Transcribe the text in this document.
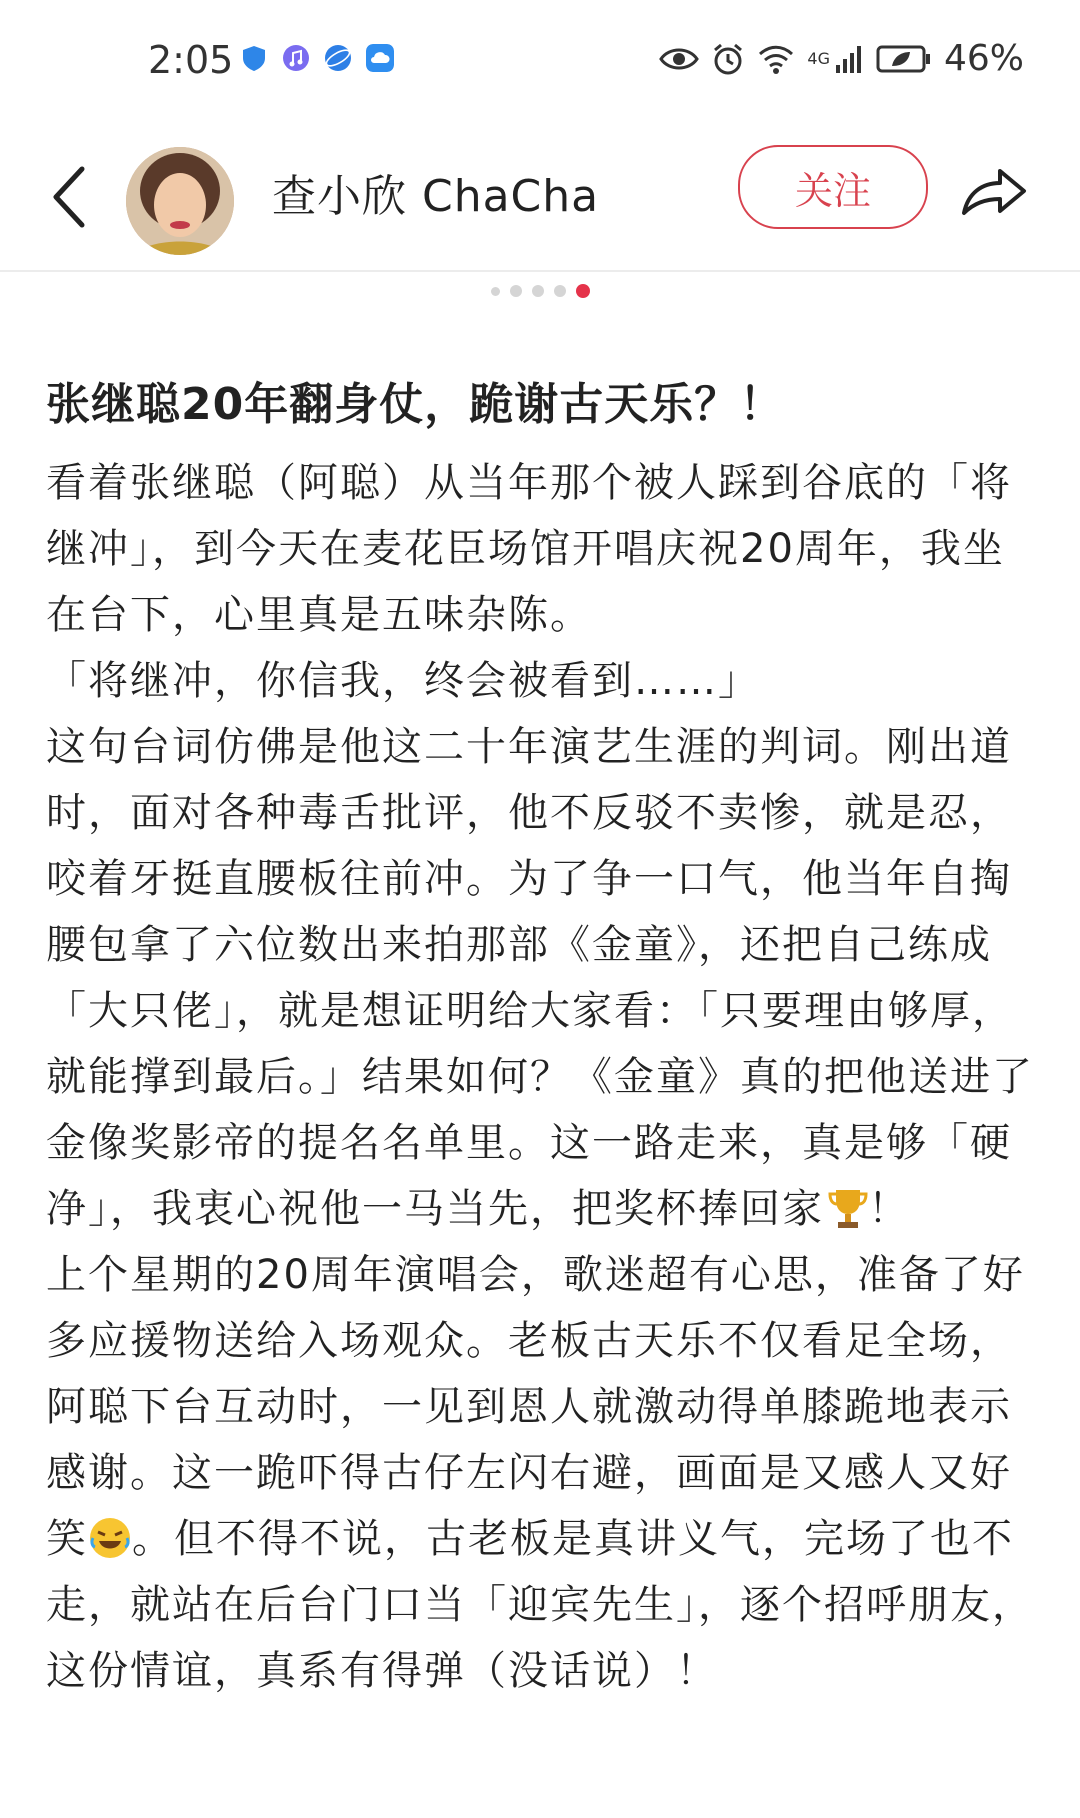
2:05	4G	46%
查小欣 ChaCha	关注
张继聪20年翻身仗，跪谢古天乐？！

看着张继聪（阿聪）从当年那个被人踩到谷底的「将继冲」，到今天在麦花臣场馆开唱庆祝20周年，我坐在台下，心里真是五味杂陈。

「将继冲，你信我，终会被看到……」

这句台词仿佛是他这二十年演艺生涯的判词。刚出道时，面对各种毒舌批评，他不反驳不卖惨，就是忍，咬着牙挺直腰板往前冲。为了争一口气，他当年自掏腰包拿了六位数出来拍那部《金童》，还把自己练成「大只佬」，就是想证明给大家看：「只要理由够厚，就能撑到最后。」结果如何？《金童》真的把他送进了金像奖影帝的提名名单里。这一路走来，真是够「硬净」，我衷心祝他一马当先，把奖杯捧回家 ！

上个星期的20周年演唱会，歌迷超有心思，准备了好多应援物送给入场观众。老板古天乐不仅看足全场，阿聪下台互动时，一见到恩人就激动得单膝跪地表示感谢。这一跪吓得古仔左闪右避，画面是又感人又好笑 。但不得不说，古老板是真讲义气，完场了也不走，就站在后台门口当「迎宾先生」，逐个招呼朋友，这份情谊，真系有得弹（没话说）！
